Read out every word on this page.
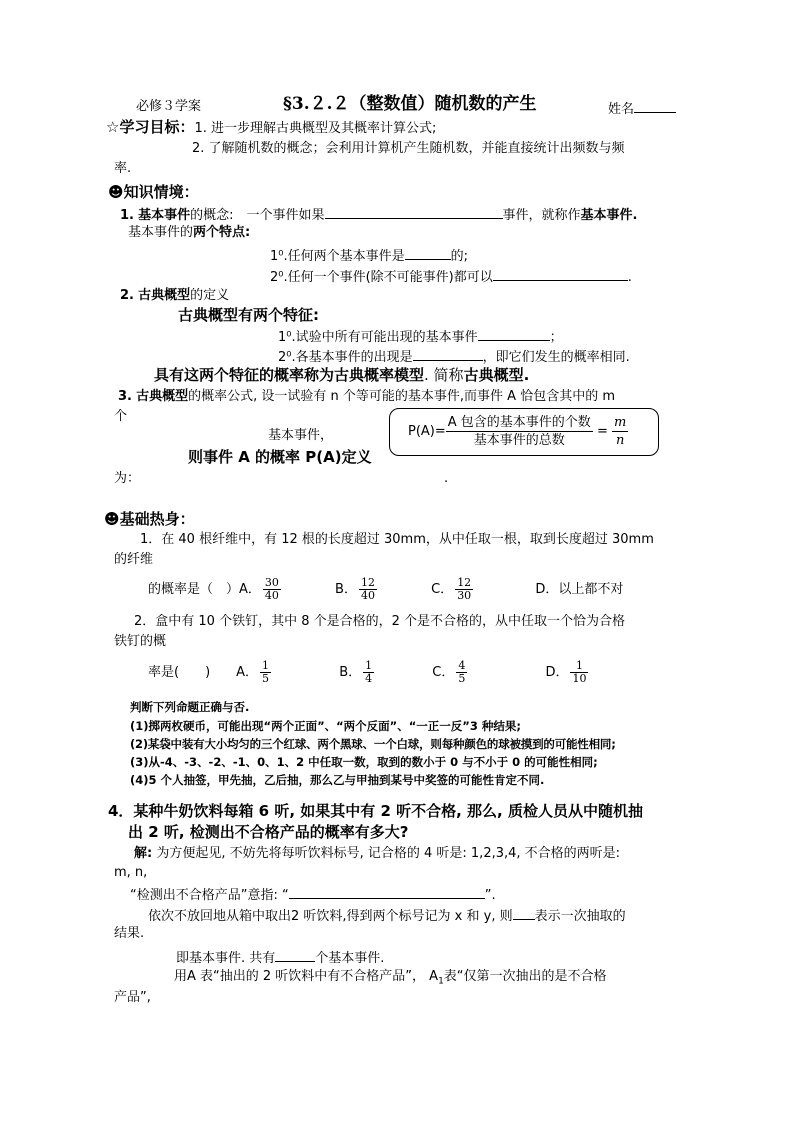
必修３学案	§3.２.２（整数值）随机数的产生	姓名
☆学习目标：1. 进一步理解古典概型及其概率计算公式;
2. 了解随机数的概念；会利用计算机产生随机数，并能直接统计出频数与频
率.
☻知识情境：
1. 基本事件的概念:　一个事件如果	事件，就称作基本事件.
基本事件的两个特点:
1⁰.任何两个基本事件是	的;
2⁰.任何一个事件(除不可能事件)都可以	.
2. 古典概型的定义
古典概型有两个特征:
1⁰.试验中所有可能出现的基本事件	；
2⁰.各基本事件的出现是	，即它们发生的概率相同.
具有这两个特征的概率称为古典概率模型. 简称古典概型.
3. 古典概型的概率公式, 设一试验有 n 个等可能的基本事件,而事件 A 恰包含其中的 m
个
基本事件，
则事件 A 的概率 P(A)定义
为：	.
P(A)=
A 包含的基本事件的个数
基本事件的总数
= $\frac{m}{n}$
☻基础热身：
1．在 40 根纤维中，有 12 根的长度超过 30mm，从中任取一根，取到长度超过 30mm
的纤维
的概率是（　）A． $\frac{30}{40}$	B． $\frac{12}{40}$	C． $\frac{12}{30}$	D．以上都不对
2．盒中有 10 个铁钉，其中 8 个是合格的，2 个是不合格的，从中任取一个恰为合格
铁钉的概
率是(　　)　　A． $\frac{1}{5}$	B． $\frac{1}{4}$	C． $\frac{4}{5}$	D． $\frac{1}{10}$
判断下列命题正确与否.
(1)掷两枚硬币，可能出现“两个正面”、“两个反面”、“一正一反”3 种结果;
(2)某袋中装有大小均匀的三个红球、两个黑球、一个白球，则每种颜色的球被摸到的可能性相同;
(3)从-4、-3、-2、-1、0、1、2 中任取一数，取到的数小于 0 与不小于 0 的可能性相同;
(4)5 个人抽签，甲先抽，乙后抽，那么乙与甲抽到某号中奖签的可能性肯定不同.
4．某种牛奶饮料每箱 6 听, 如果其中有 2 听不合格, 那么, 质检人员从中随机抽
出 2 听, 检测出不合格产品的概率有多大?
解: 为方便起见, 不妨先将每听饮料标号, 记合格的 4 听是: 1,2,3,4, 不合格的两听是:
m, n,
“检测出不合格产品”意指: “	”.
依次不放回地从箱中取出2 听饮料,得到两个标号记为 x 和 y, 则 表示一次抽取的
结果.
即基本事件. 共有	个基本事件.
用A 表“抽出的 2 听饮料中有不合格产品”， $A_1$表“仅第一次抽出的是不合格
产品”,
